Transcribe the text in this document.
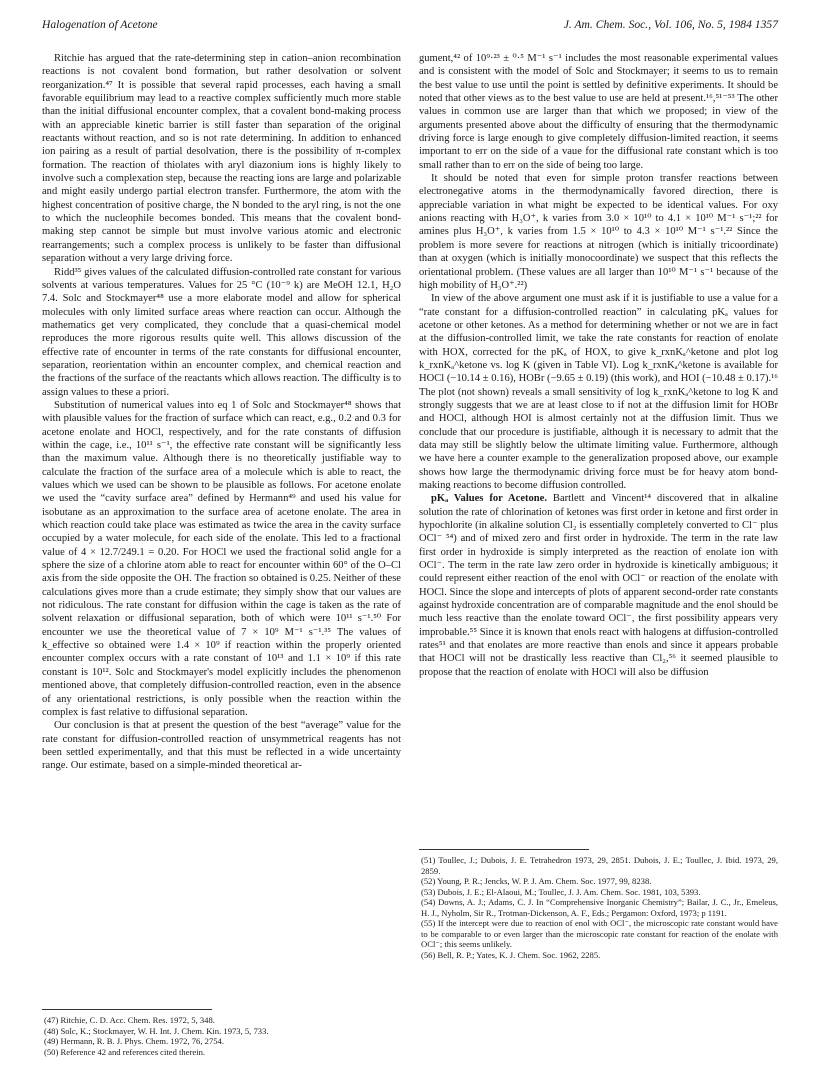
Halogenation of Acetone	J. Am. Chem. Soc., Vol. 106, No. 5, 1984 1357

Ritchie has argued that the rate-determining step in cation–anion recombination reactions is not covalent bond formation, but rather desolvation or solvent reorganization.⁴⁷ It is possible that several rapid processes, each having a small favorable equilibrium may lead to a reactive complex sufficiently much more stable than the initial diffusional encounter complex, that a covalent bond-making process with an appreciable kinetic barrier is still faster than separation of the original reactants without reaction, and so is not rate determining. In addition to enhanced ion pairing as a result of partial desolvation, there is the possibility of π-complex formation. The reaction of thiolates with aryl diazonium ions is highly likely to involve such a complexation step, because the reacting ions are large and polarizable and might easily undergo partial electron transfer. Furthermore, the atom with the highest concentration of positive charge, the N bonded to the aryl ring, is not the one to which the nucleophile becomes bonded. This means that the covalent bond-making step cannot be simple but must involve various atomic and electronic rearrangements; such a complex process is unlikely to be faster than diffusional separation without a very large driving force.

Ridd³⁵ gives values of the calculated diffusion-controlled rate constant for various solvents at various temperatures. Values for 25 °C (10⁻⁹ k) are MeOH 12.1, H₂O 7.4. Solc and Stockmayer⁴⁸ use a more elaborate model and allow for spherical molecules with only limited surface areas where reaction can occur. Although the mathematics get very complicated, they conclude that a quasi-chemical model reproduces the more rigorous results quite well. This allows discussion of the effective rate of encounter in terms of the rate constants for diffusional encounter, separation, reorientation within an encounter complex, and chemical reaction and the fractions of the surface of the reactants which allows reaction. The difficulty is to assign values to these a priori.

Substitution of numerical values into eq 1 of Solc and Stockmayer⁴⁸ shows that with plausible values for the fraction of surface which can react, e.g., 0.2 and 0.3 for acetone enolate and HOCl, respectively, and for the rate constants of diffusion within the cage, i.e., 10¹¹ s⁻¹, the effective rate constant will be significantly less than the maximum value. Although there is no theoretically justifiable way to calculate the fraction of the surface area of a molecule which is able to react, the values which we used can be shown to be plausible as follows. For acetone enolate we used the “cavity surface area” defined by Hermann⁴⁹ and used his value for isobutane as an approximation to the surface area of acetone enolate. The area in which reaction could take place was estimated as twice the area in the cavity surface occupied by a water molecule, for each side of the enolate. This led to a fractional value of 4 × 12.7/249.1 = 0.20. For HOCl we used the fractional solid angle for a sphere the size of a chlorine atom able to react for encounter within 60° of the O–Cl axis from the side opposite the OH. The fraction so obtained is 0.25. Neither of these calculations gives more than a crude estimate; they simply show that our values are not ridiculous. The rate constant for diffusion within the cage is taken as the rate of solvent relaxation or diffusional separation, both of which were 10¹¹ s⁻¹.⁵⁰ For encounter we use the theoretical value of 7 × 10⁹ M⁻¹ s⁻¹.³⁵ The values of k_effective so obtained were 1.4 × 10⁹ if reaction within the properly oriented encounter complex occurs with a rate constant of 10¹³ and 1.1 × 10⁹ if this rate constant is 10¹². Solc and Stockmayer's model explicitly includes the phenomenon mentioned above, that completely diffusion-controlled reaction, even in the absence of any orientational restrictions, is only possible when the reaction within the complex is fast relative to diffusional separation.

Our conclusion is that at present the question of the best “average” value for the rate constant for diffusion-controlled reaction of unsymmetrical reagents has not been settled experimentally, and that this must be reflected in a wide uncertainty range. Our estimate, based on a simple-minded theoretical ar-

gument,⁴² of 10⁹·²³ ± ⁰·⁵ M⁻¹ s⁻¹ includes the most reasonable experimental values and is consistent with the model of Solc and Stockmayer; it seems to us to remain the best value to use until the point is settled by definitive experiments. It should be noted that other views as to the best value to use are held at present.¹⁶,⁵¹⁻⁵³ The other values in common use are larger than that which we proposed; in view of the arguments presented above about the difficulty of ensuring that the thermodynamic driving force is large enough to give completely diffusion-limited reaction, it seems important to err on the side of a vaue for the diffusional rate constant which is too small rather than to err on the side of being too large.

It should be noted that even for simple proton transfer reactions between electronegative atoms in the thermodynamically favored direction, there is appreciable variation in what might be expected to be identical values. For oxy anions reacting with H₃O⁺, k varies from 3.0 × 10¹⁰ to 4.1 × 10¹⁰ M⁻¹ s⁻¹;²² for amines plus H₃O⁺, k varies from 1.5 × 10¹⁰ to 4.3 × 10¹⁰ M⁻¹ s⁻¹.²² Since the problem is more severe for reactions at nitrogen (which is initially tricoordinate) than at oxygen (which is initially monocoordinate) we suspect that this reflects the orientational problem. (These values are all larger than 10¹⁰ M⁻¹ s⁻¹ because of the high mobility of H₃O⁺.²²)

In view of the above argument one must ask if it is justifiable to use a value for a “rate constant for a diffusion-controlled reaction” in calculating pKₐ values for acetone or other ketones. As a method for determining whether or not we are in fact at the diffusion-controlled limit, we take the rate constants for reaction of enolate with HOX, corrected for the pKₐ of HOX, to give k_rxnKₐ^ketone and plot log k_rxnKₐ^ketone vs. log K (given in Table VI). Log k_rxnKₐ^ketone is available for HOCl (−10.14 ± 0.16), HOBr (−9.65 ± 0.19) (this work), and HOI (−10.48 ± 0.17).¹⁶ The plot (not shown) reveals a small sensitivity of log k_rxnKₐ^ketone to log K and strongly suggests that we are at least close to if not at the diffusion limit for HOBr and HOCl, although HOI is almost certainly not at the diffusion limit. Thus we conclude that our procedure is justifiable, although it is necessary to admit that the data may still be slightly below the ultimate limiting value. Furthermore, although we have here a counter example to the generalization proposed above, our example shows how large the thermodynamic driving force must be for heavy atom bond-making reactions to become diffusion controlled.

pKₐ Values for Acetone. Bartlett and Vincent¹⁴ discovered that in alkaline solution the rate of chlorination of ketones was first order in ketone and first order in hypochlorite (in alkaline solution Cl₂ is essentially completely converted to Cl⁻ plus OCl⁻ ⁵⁴) and of mixed zero and first order in hydroxide. The term in the rate law first order in hydroxide is simply interpreted as the reaction of enolate ion with OCl⁻. The term in the rate law zero order in hydroxide is kinetically ambiguous; it could represent either reaction of the enol with OCl⁻ or reaction of the enolate with HOCl. Since the slope and intercepts of plots of apparent second-order rate constants against hydroxide concentration are of comparable magnitude and the enol should be much less reactive than the enolate toward OCl⁻, the first possibility appears very improbable.⁵⁵ Since it is known that enols react with halogens at diffusion-controlled rates⁵¹ and that enolates are more reactive than enols and since it appears probable that HOCl will not be drastically less reactive than Cl₂,⁵⁶ it seemed plausible to propose that the reaction of enolate with HOCl will also be diffusion

(47) Ritchie, C. D. Acc. Chem. Res. 1972, 5, 348.

(48) Solc, K.; Stockmayer, W. H. Int. J. Chem. Kin. 1973, 5, 733.

(49) Hermann, R. B. J. Phys. Chem. 1972, 76, 2754.

(50) Reference 42 and references cited therein.

(51) Toullec, J.; Dubois, J. E. Tetrahedron 1973, 29, 2851. Dubois, J. E.; Toullec, J. Ibid. 1973, 29, 2859.

(52) Young, P. R.; Jencks, W. P. J. Am. Chem. Soc. 1977, 99, 8238.

(53) Dubois, J. E.; El-Alaoui, M.; Toullec, J. J. Am. Chem. Soc. 1981, 103, 5393.

(54) Downs, A. J.; Adams, C. J. In “Comprehensive Inorganic Chemistry”; Bailar, J. C., Jr., Emeleus, H. J., Nyholm, Sir R., Trotman-Dickenson, A. F., Eds.; Pergamon: Oxford, 1973; p 1191.

(55) If the intercept were due to reaction of enol with OCl⁻, the microscopic rate constant would have to be comparable to or even larger than the microscopic rate constant for reaction of the enolate with OCl⁻; this seems unlikely.

(56) Bell, R. P.; Yates, K. J. Chem. Soc. 1962, 2285.
